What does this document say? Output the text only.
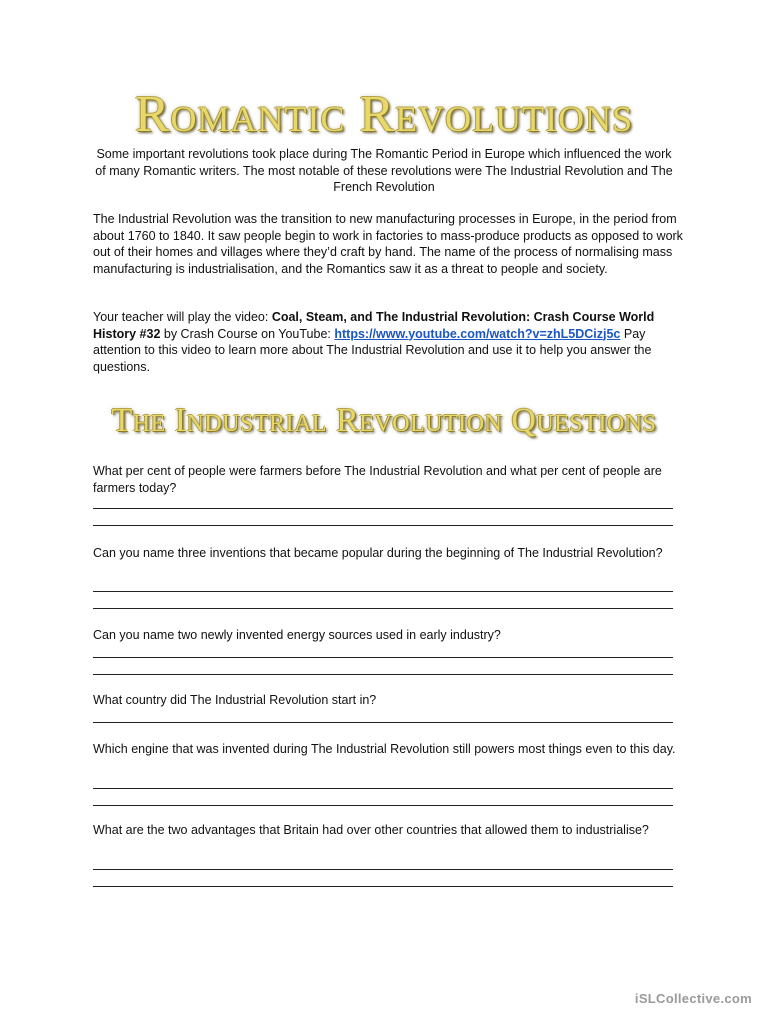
Romantic Revolutions
Some important revolutions took place during The Romantic Period in Europe which influenced the work of many Romantic writers. The most notable of these revolutions were The Industrial Revolution and The French Revolution
The Industrial Revolution was the transition to new manufacturing processes in Europe, in the period from about 1760 to 1840. It saw people begin to work in factories to mass-produce products as opposed to work out of their homes and villages where they’d craft by hand. The name of the process of normalising mass manufacturing is industrialisation, and the Romantics saw it as a threat to people and society.
Your teacher will play the video: Coal, Steam, and The Industrial Revolution: Crash Course World History #32 by Crash Course on YouTube: https://www.youtube.com/watch?v=zhL5DCizj5c Pay attention to this video to learn more about The Industrial Revolution and use it to help you answer the questions.
The Industrial Revolution Questions
What per cent of people were farmers before The Industrial Revolution and what per cent of people are farmers today?
Can you name three inventions that became popular during the beginning of The Industrial Revolution?
Can you name two newly invented energy sources used in early industry?
What country did The Industrial Revolution start in?
Which engine that was invented during The Industrial Revolution still powers most things even to this day.
What are the two advantages that Britain had over other countries that allowed them to industrialise?
iSLCollective.com
